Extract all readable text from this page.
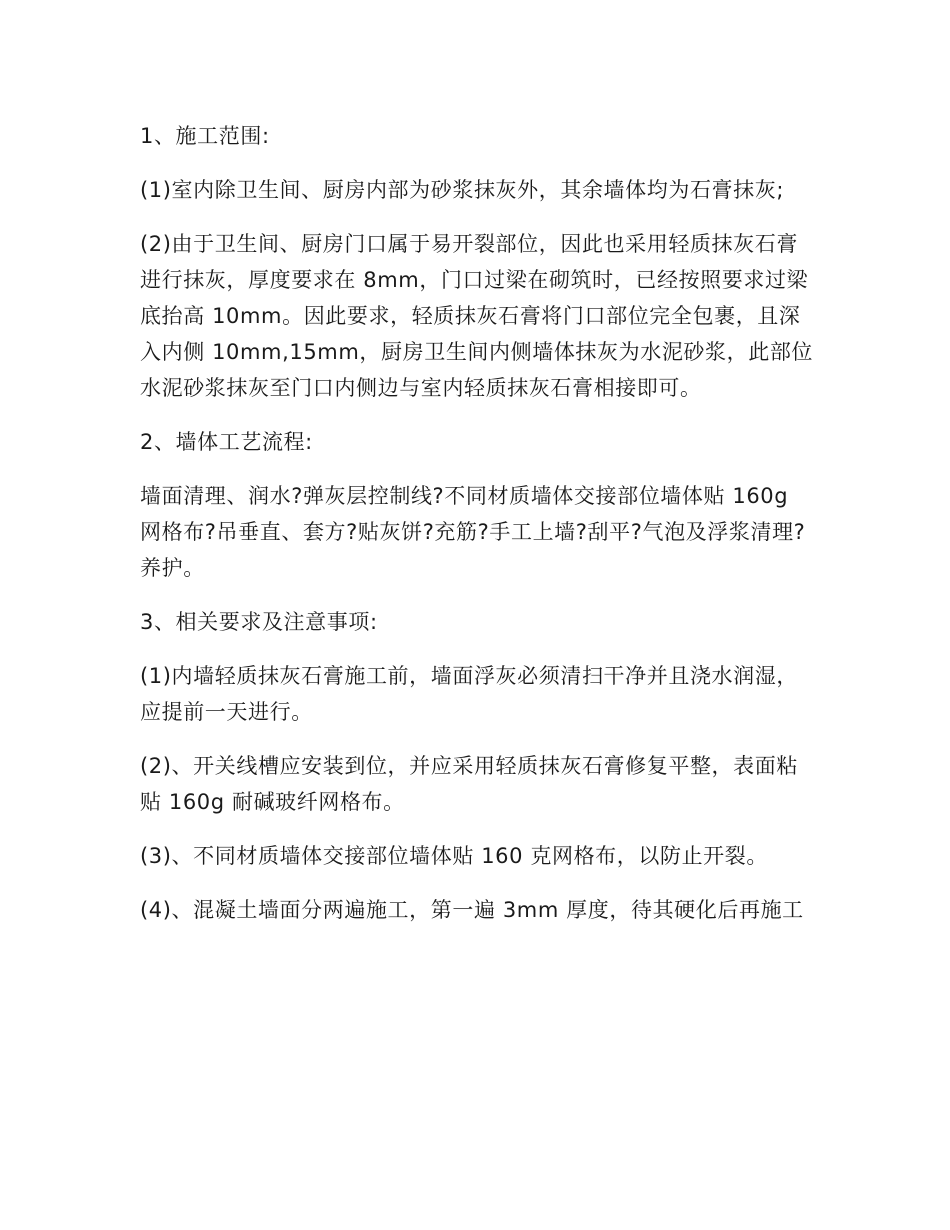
1、施工范围:

(1)室内除卫生间、厨房内部为砂浆抹灰外，其余墙体均为石膏抹灰;

(2)由于卫生间、厨房门口属于易开裂部位，因此也采用轻质抹灰石膏进行抹灰，厚度要求在 8mm，门口过梁在砌筑时，已经按照要求过梁底抬高 10mm。因此要求，轻质抹灰石膏将门口部位完全包裹，且深入内侧 10mm,15mm，厨房卫生间内侧墙体抹灰为水泥砂浆，此部位水泥砂浆抹灰至门口内侧边与室内轻质抹灰石膏相接即可。

2、墙体工艺流程:

墙面清理、润水?弹灰层控制线?不同材质墙体交接部位墙体贴 160g 网格布?吊垂直、套方?贴灰饼?充筋?手工上墙?刮平?气泡及浮浆清理?养护。

3、相关要求及注意事项:

(1)内墙轻质抹灰石膏施工前，墙面浮灰必须清扫干净并且浇水润湿，应提前一天进行。

(2)、开关线槽应安装到位，并应采用轻质抹灰石膏修复平整，表面粘贴 160g 耐碱玻纤网格布。

(3)、不同材质墙体交接部位墙体贴 160 克网格布，以防止开裂。

(4)、混凝土墙面分两遍施工，第一遍 3mm 厚度，待其硬化后再施工
